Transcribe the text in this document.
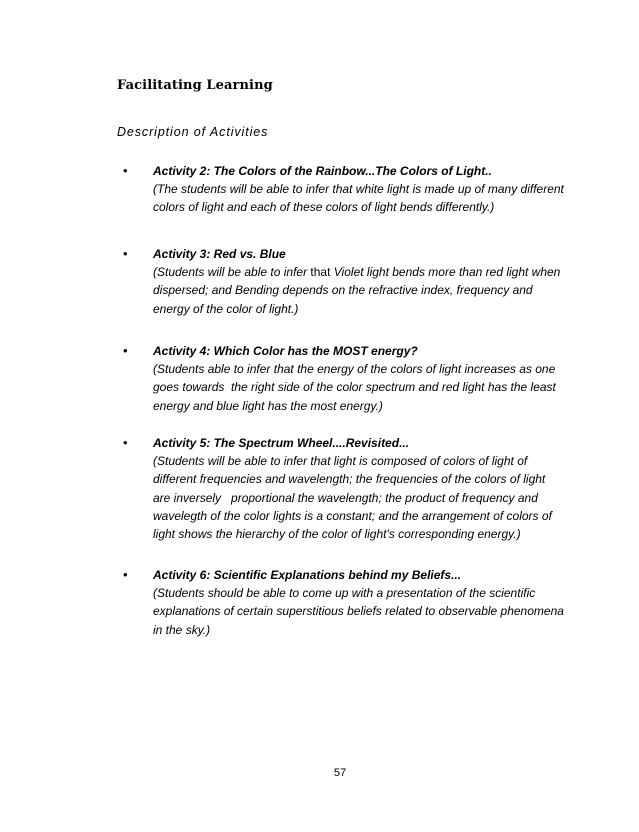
Facilitating Learning
Description of Activities
• Activity 2: The Colors of the Rainbow...The Colors of Light..
(The students will be able to infer that white light is made up of many different
colors of light and each of these colors of light bends differently.)
• Activity 3: Red vs. Blue
(Students will be able to infer that Violet light bends more than red light when
dispersed; and Bending depends on the refractive index, frequency and
energy of the color of light.)
• Activity 4: Which Color has the MOST energy?
(Students able to infer that the energy of the colors of light increases as one
goes towards  the right side of the color spectrum and red light has the least
energy and blue light has the most energy.)
• Activity 5: The Spectrum Wheel....Revisited...
(Students will be able to infer that light is composed of colors of light of
different frequencies and wavelength; the frequencies of the colors of light
are inversely   proportional the wavelength; the product of frequency and
wavelegth of the color lights is a constant; and the arrangement of colors of
light shows the hierarchy of the color of light's corresponding energy.)
• Activity 6: Scientific Explanations behind my Beliefs...
(Students should be able to come up with a presentation of the scientific
explanations of certain superstitious beliefs related to observable phenomena
in the sky.)
57
